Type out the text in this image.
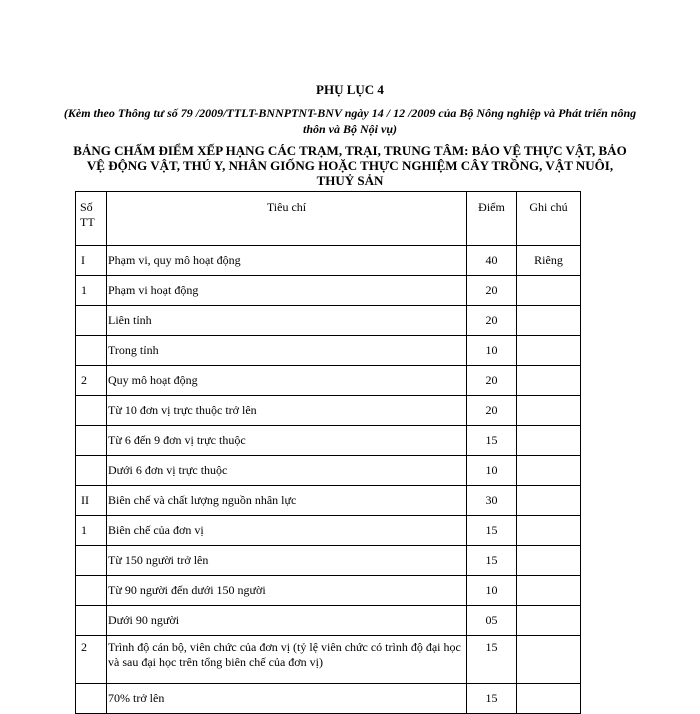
PHỤ LỤC 4
(Kèm theo Thông tư số 79 /2009/TTLT-BNNPTNT-BNV ngày 14 / 12 /2009 của Bộ Nông nghiệp và Phát triển nông thôn và Bộ Nội vụ)
BẢNG CHẤM ĐIỂM XẾP HẠNG CÁC TRẠM, TRẠI, TRUNG TÂM: BẢO VỆ THỰC VẬT, BẢO VỆ ĐỘNG VẬT, THÚ Y, NHÂN GIỐNG HOẶC THỰC NGHIỆM CÂY TRỒNG, VẬT NUÔI, THUỶ SẢN
Số TT	Tiêu chí	Điểm	Ghi chú
I	Phạm vi, quy mô hoạt động	40	Riêng
1	Phạm vi hoạt động	20	
	Liên tỉnh	20	
	Trong tỉnh	10	
2	Quy mô hoạt động	20	
	Từ 10 đơn vị trực thuộc trở lên	20	
	Từ 6 đến 9 đơn vị trực thuộc	15	
	Dưới 6 đơn vị trực thuộc	10	
II	Biên chế và chất lượng nguồn nhân lực	30	
1	Biên chế của đơn vị	15	
	Từ 150 người trở lên	15	
	Từ 90 người đến dưới 150 người	10	
	Dưới 90 người	05	
2	Trình độ cán bộ, viên chức của đơn vị (tỷ lệ viên chức có trình độ đại học và sau đại học trên tổng biên chế của đơn vị)	15	
	70% trở lên	15	
